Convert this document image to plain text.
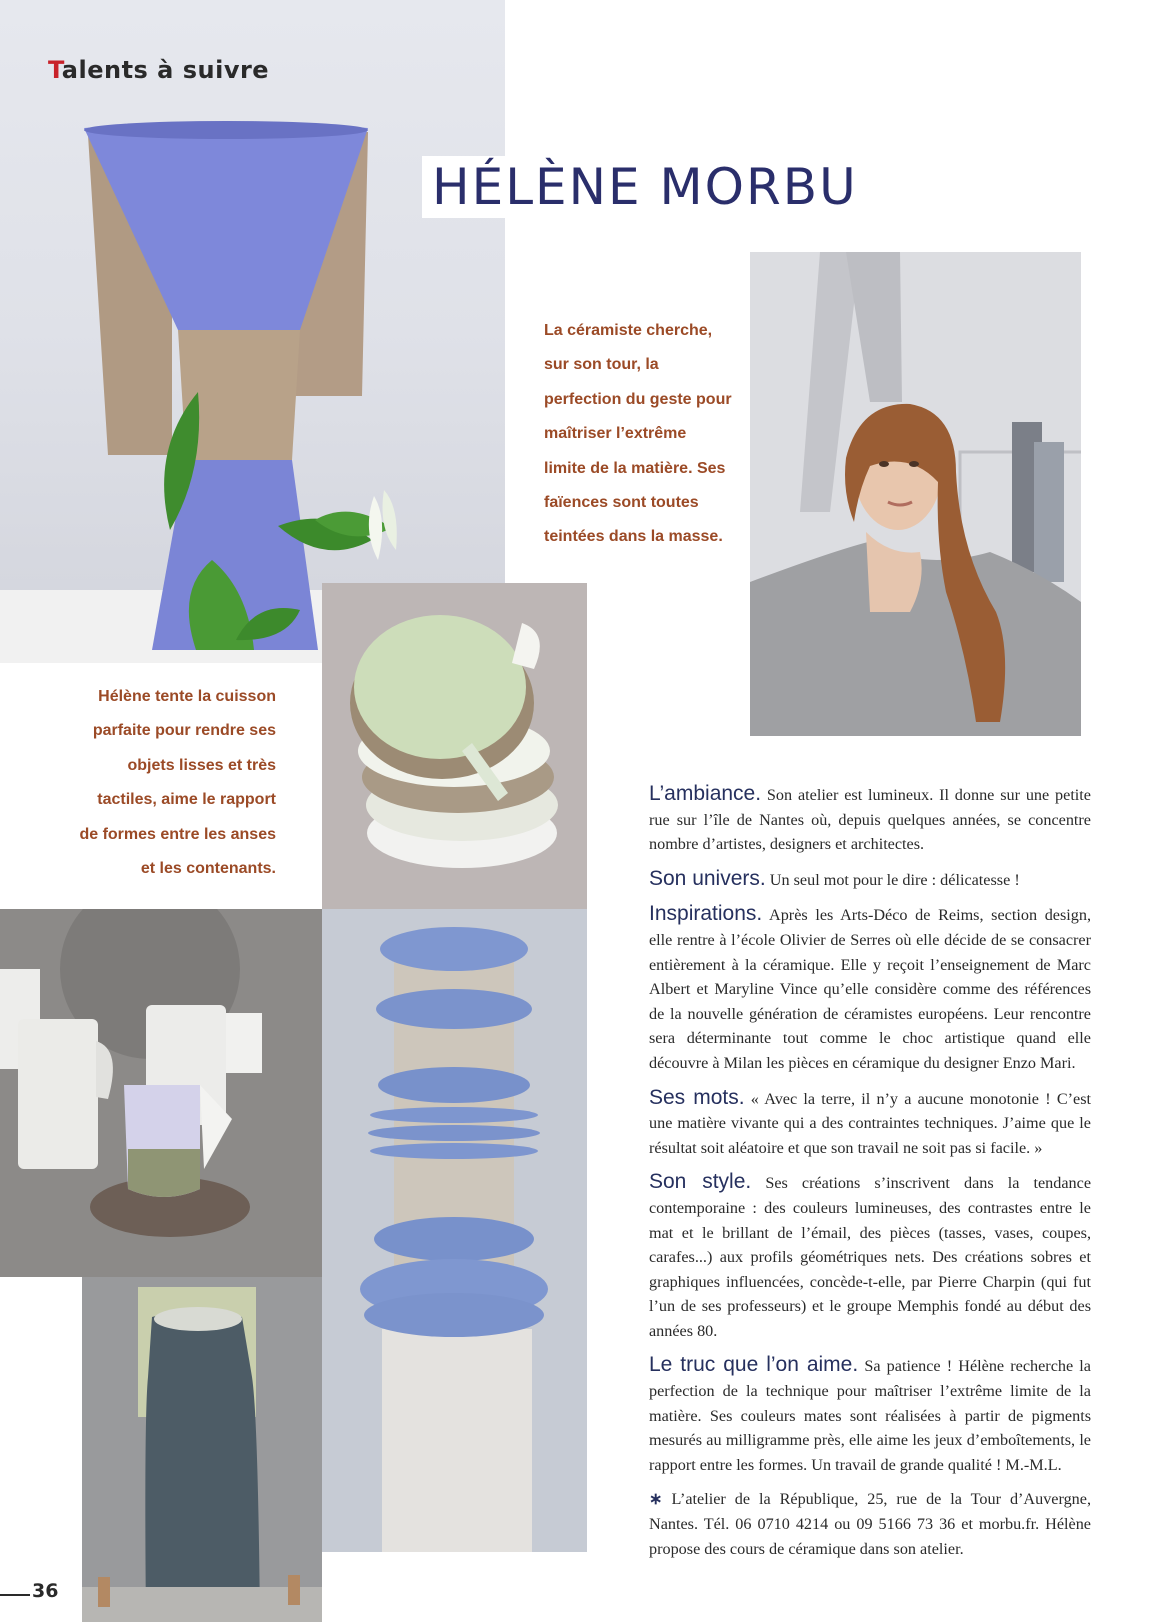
Talents à suivre
HÉLÈNE MORBU
La céramiste cherche,
sur son tour, la
perfection du geste pour
maîtriser l’extrême
limite de la matière. Ses
faïences sont toutes
teintées dans la masse.
Hélène tente la cuisson
parfaite pour rendre ses
objets lisses et très
tactiles, aime le rapport
de formes entre les anses
et les contenants.

L’ambiance. Son atelier est lumineux. Il donne sur une petite rue sur l’île de Nantes où, depuis quelques années, se concentre nombre d’artistes, designers et architectes.

Son univers. Un seul mot pour le dire : délicatesse !

Inspirations. Après les Arts-Déco de Reims, section design, elle rentre à l’école Olivier de Serres où elle décide de se consacrer entièrement à la céramique. Elle y reçoit l’enseignement de Marc Albert et Maryline Vince qu’elle considère comme des références de la nouvelle génération de céramistes européens. Leur rencontre sera déterminante tout comme le choc artistique quand elle découvre à Milan les pièces en céramique du designer Enzo Mari.

Ses mots. « Avec la terre, il n’y a aucune monotonie ! C’est une matière vivante qui a des contraintes techniques. J’aime que le résultat soit aléatoire et que son travail ne soit pas si facile. »

Son style. Ses créations s’inscrivent dans la tendance contemporaine : des couleurs lumineuses, des contrastes entre le mat et le brillant de l’émail, des pièces (tasses, vases, coupes, carafes...) aux profils géométriques nets. Des créations sobres et graphiques influencées, concède-t-elle, par Pierre Charpin (qui fut l’un de ses professeurs) et le groupe Memphis fondé au début des années 80.

Le truc que l’on aime. Sa patience ! Hélène recherche la perfection de la technique pour maîtriser l’extrême limite de la matière. Ses couleurs mates sont réalisées à partir de pigments mesurés au milligramme près, elle aime les jeux d’emboîtements, le rapport entre les formes. Un travail de grande qualité ! M.-M.L.

∗ L’atelier de la République, 25, rue de la Tour d’Auvergne, Nantes. Tél. 06 0710 4214 ou 09 5166 73 36 et morbu.fr. Hélène propose des cours de céramique dans son atelier.

36
